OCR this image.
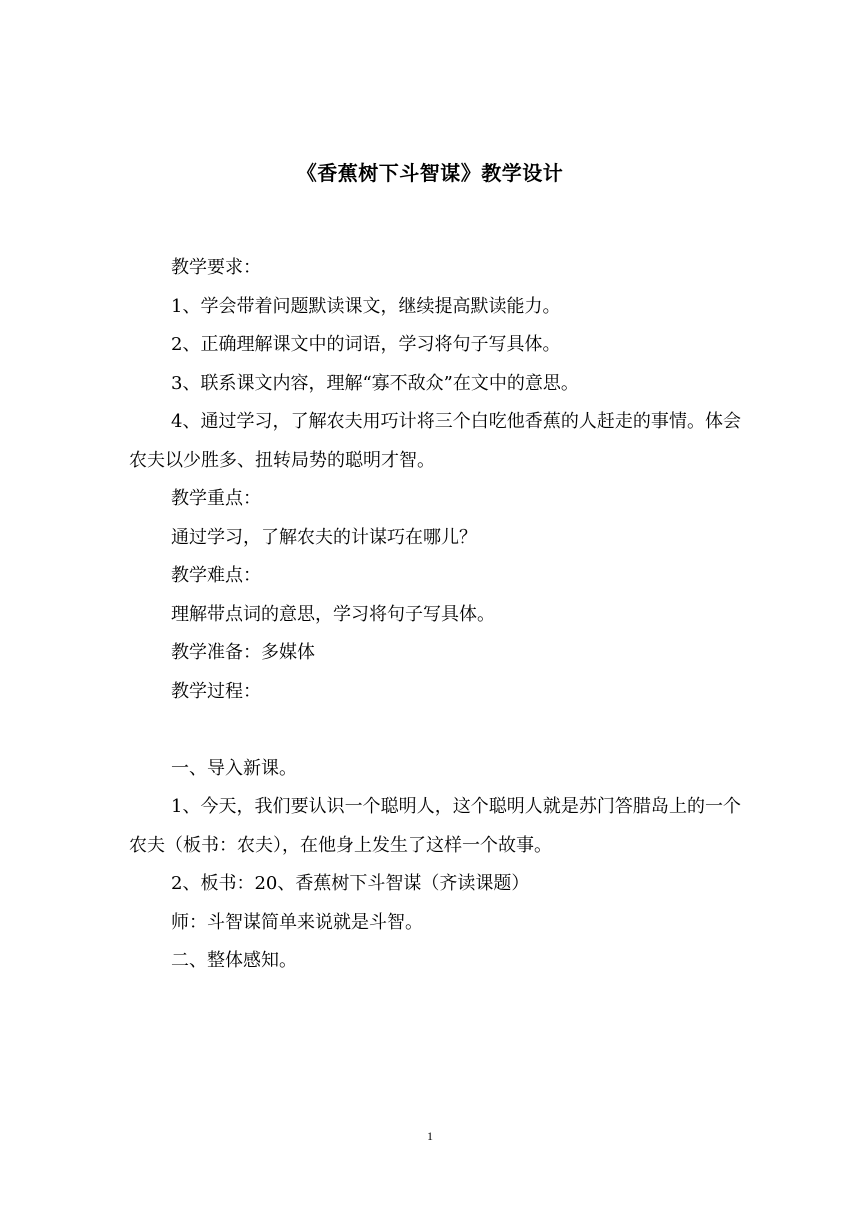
《香蕉树下斗智谋》教学设计

教学要求：

1、学会带着问题默读课文，继续提高默读能力。

2、正确理解课文中的词语，学习将句子写具体。

3、联系课文内容，理解“寡不敌众”在文中的意思。

4、通过学习，了解农夫用巧计将三个白吃他香蕉的人赶走的事情。体会农夫以少胜多、扭转局势的聪明才智。

教学重点：

通过学习，了解农夫的计谋巧在哪儿？

教学难点：

理解带点词的意思，学习将句子写具体。

教学准备：多媒体

教学过程：

一、导入新课。

1、今天，我们要认识一个聪明人，这个聪明人就是苏门答腊岛上的一个农夫（板书：农夫），在他身上发生了这样一个故事。

2、板书：20、香蕉树下斗智谋（齐读课题）

师：斗智谋简单来说就是斗智。

二、整体感知。

1
